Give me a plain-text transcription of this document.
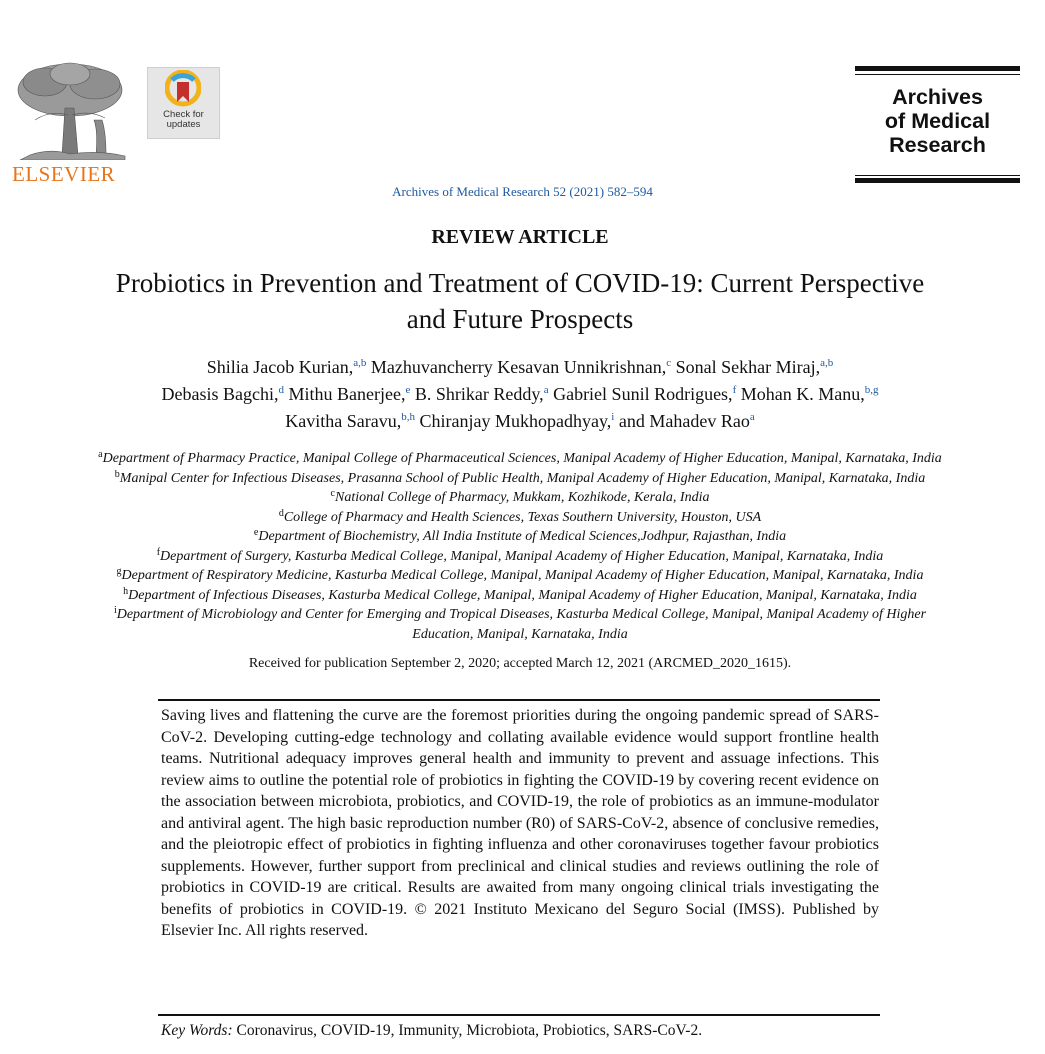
ELSEVIER
Check for updates
Archives
of Medical
Research
Archives of Medical Research 52 (2021) 582–594
REVIEW ARTICLE
Probiotics in Prevention and Treatment of COVID-19: Current Perspective
and Future Prospects
Shilia Jacob Kurian,$^{a,b}$ Mazhuvancherry Kesavan Unnikrishnan,$^c$ Sonal Sekhar Miraj,$^{a,b}$
Debasis Bagchi,$^d$ Mithu Banerjee,$^e$ B. Shrikar Reddy,$^a$ Gabriel Sunil Rodrigues,$^f$ Mohan K. Manu,$^{b,g}$
Kavitha Saravu,$^{b,h}$ Chiranjay Mukhopadhyay,$^i$ and Mahadev Rao$^a$
$^a$Department of Pharmacy Practice, Manipal College of Pharmaceutical Sciences, Manipal Academy of Higher Education, Manipal, Karnataka, India
$^b$Manipal Center for Infectious Diseases, Prasanna School of Public Health, Manipal Academy of Higher Education, Manipal, Karnataka, India
$^c$National College of Pharmacy, Mukkam, Kozhikode, Kerala, India
$^d$College of Pharmacy and Health Sciences, Texas Southern University, Houston, USA
$^e$Department of Biochemistry, All India Institute of Medical Sciences,Jodhpur, Rajasthan, India
$^f$Department of Surgery, Kasturba Medical College, Manipal, Manipal Academy of Higher Education, Manipal, Karnataka, India
$^g$Department of Respiratory Medicine, Kasturba Medical College, Manipal, Manipal Academy of Higher Education, Manipal, Karnataka, India
$^h$Department of Infectious Diseases, Kasturba Medical College, Manipal, Manipal Academy of Higher Education, Manipal, Karnataka, India
$^i$Department of Microbiology and Center for Emerging and Tropical Diseases, Kasturba Medical College, Manipal, Manipal Academy of Higher
Education, Manipal, Karnataka, India
Received for publication September 2, 2020; accepted March 12, 2021 (ARCMED_2020_1615).
Saving lives and flattening the curve are the foremost priorities during the ongoing pandemic spread of SARS-CoV-2. Developing cutting-edge technology and collating available evidence would support frontline health teams. Nutritional adequacy improves general health and immunity to prevent and assuage infections. This review aims to outline the potential role of probiotics in fighting the COVID-19 by covering recent evidence on the association between microbiota, probiotics, and COVID-19, the role of probiotics as an immune-modulator and antiviral agent. The high basic reproduction number (R0) of SARS-CoV-2, absence of conclusive remedies, and the pleiotropic effect of probiotics in fighting influenza and other coronaviruses together favour probiotics supplements. However, further support from preclinical and clinical studies and reviews outlining the role of probiotics in COVID-19 are critical. Results are awaited from many ongoing clinical trials investigating the benefits of probiotics in COVID-19. © 2021 Instituto Mexicano del Seguro Social (IMSS). Published by Elsevier Inc. All rights reserved.
Key Words: Coronavirus, COVID-19, Immunity, Microbiota, Probiotics, SARS-CoV-2.
